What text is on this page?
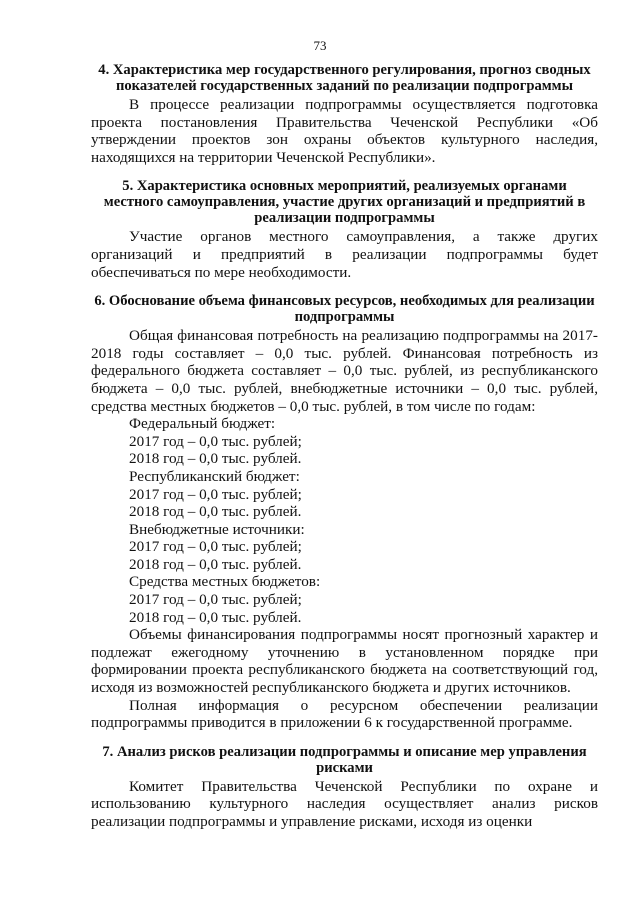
73

4. Характеристика мер государственного регулирования, прогноз сводных показателей государственных заданий по реализации подпрограммы

В процессе реализации подпрограммы осуществляется подготовка проекта постановления Правительства Чеченской Республики «Об утверждении проектов зон охраны объектов культурного наследия, находящихся на территории Чеченской Республики».

5. Характеристика основных мероприятий, реализуемых органами местного самоуправления, участие других организаций и предприятий в реализации подпрограммы

Участие органов местного самоуправления, а также других организаций и предприятий в реализации подпрограммы будет обеспечиваться по мере необходимости.

6. Обоснование объема финансовых ресурсов, необходимых для реализации подпрограммы

Общая финансовая потребность на реализацию подпрограммы на 2017-2018 годы составляет – 0,0 тыс. рублей. Финансовая потребность из федерального бюджета составляет – 0,0 тыс. рублей, из республиканского бюджета – 0,0 тыс. рублей, внебюджетные источники – 0,0 тыс. рублей, средства местных бюджетов – 0,0 тыс. рублей, в том числе по годам:

Федеральный бюджет:

2017 год – 0,0 тыс. рублей;

2018 год – 0,0 тыс. рублей.

Республиканский бюджет:

2017 год – 0,0 тыс. рублей;

2018 год – 0,0 тыс. рублей.

Внебюджетные источники:

2017 год – 0,0 тыс. рублей;

2018 год – 0,0 тыс. рублей.

Средства местных бюджетов:

2017 год – 0,0 тыс. рублей;

2018 год – 0,0 тыс. рублей.

Объемы финансирования подпрограммы носят прогнозный характер и подлежат ежегодному уточнению в установленном порядке при формировании проекта республиканского бюджета на соответствующий год, исходя из возможностей республиканского бюджета и других источников.

Полная информация о ресурсном обеспечении реализации подпрограммы приводится в приложении 6 к государственной программе.

7. Анализ рисков реализации подпрограммы и описание мер управления рисками

Комитет Правительства Чеченской Республики по охране и использованию культурного наследия осуществляет анализ рисков реализации подпрограммы и управление рисками, исходя из оценки
